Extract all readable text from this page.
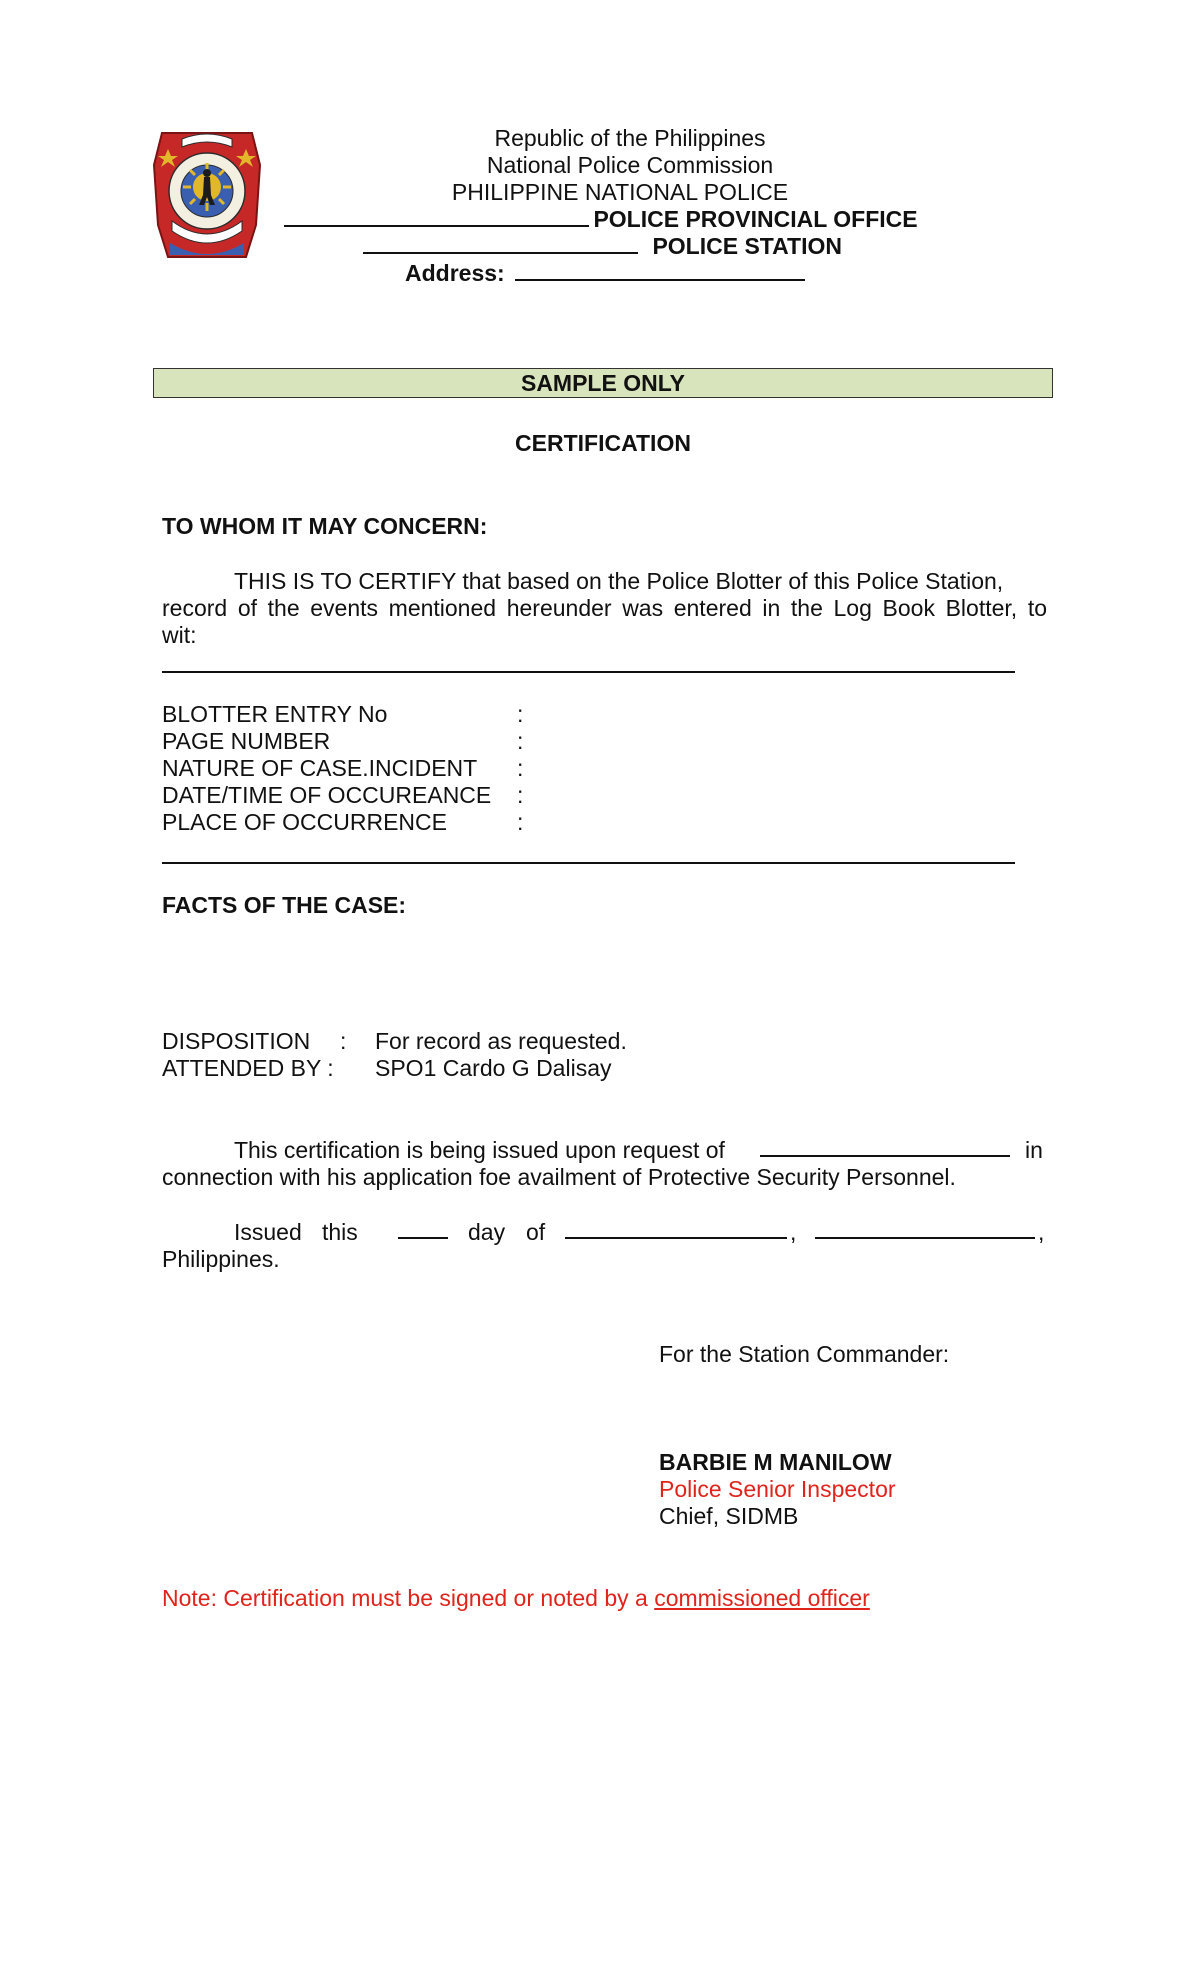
Republic of the Philippines
National Police Commission
PHILIPPINE NATIONAL POLICE
POLICE PROVINCIAL OFFICE
POLICE STATION
Address:
SAMPLE ONLY
CERTIFICATION
TO WHOM IT MAY CONCERN:
THIS IS TO CERTIFY that based on the Police Blotter of this Police Station,
record of the events mentioned hereunder was entered in the Log Book Blotter, to
wit:
BLOTTER ENTRY No	:
PAGE NUMBER	:
NATURE OF CASE.INCIDENT :
DATE/TIME OF OCCUREANCE :
PLACE OF OCCURRENCE	:
FACTS OF THE CASE:
DISPOSITION : For record as requested.
ATTENDED BY : SPO1 Cardo G Dalisay
This certification is being issued upon request of	in
connection with his application foe availment of Protective Security Personnel.
Issued this	day of	,	,
Philippines.
For the Station Commander:
BARBIE M MANILOW
Police Senior Inspector
Chief, SIDMB
Note: Certification must be signed or noted by a commissioned officer
